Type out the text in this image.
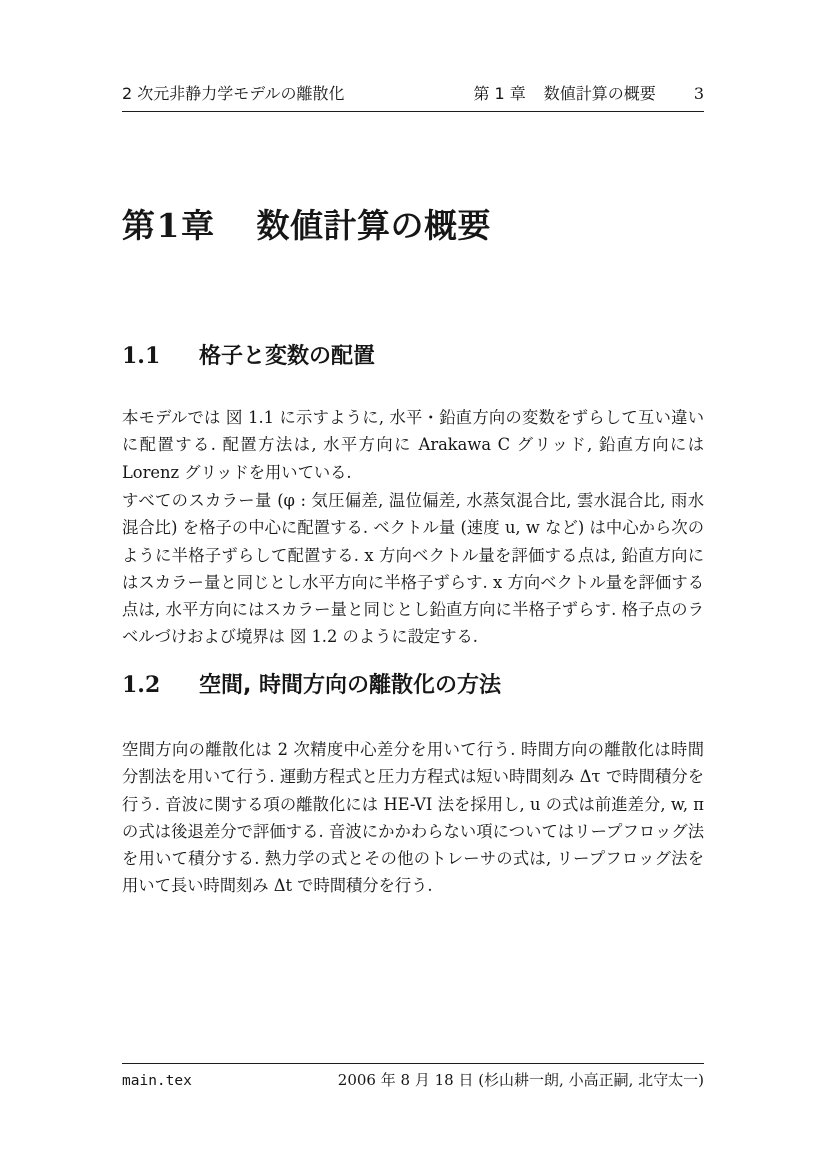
2 次元非静力学モデルの離散化	第 1 章 数値計算の概要 3
第1章 数値計算の概要
1.1 格子と変数の配置

本モデルでは 図 1.1 に示すように, 水平・鉛直方向の変数をずらして互い違いに配置する. 配置方法は, 水平方向に Arakawa C グリッド, 鉛直方向には Lorenz グリッドを用いている.

すべてのスカラー量 (φ : 気圧偏差, 温位偏差, 水蒸気混合比, 雲水混合比, 雨水混合比) を格子の中心に配置する. ベクトル量 (速度 u, w など) は中心から次のように半格子ずらして配置する. x 方向ベクトル量を評価する点は, 鉛直方向にはスカラー量と同じとし水平方向に半格子ずらす. x 方向ベクトル量を評価する点は, 水平方向にはスカラー量と同じとし鉛直方向に半格子ずらす. 格子点のラベルづけおよび境界は 図 1.2 のように設定する.

1.2 空間, 時間方向の離散化の方法

空間方向の離散化は 2 次精度中心差分を用いて行う. 時間方向の離散化は時間分割法を用いて行う. 運動方程式と圧力方程式は短い時間刻み Δτ で時間積分を行う. 音波に関する項の離散化には HE-VI 法を採用し, u の式は前進差分, w, π の式は後退差分で評価する. 音波にかかわらない項についてはリープフロッグ法を用いて積分する. 熱力学の式とその他のトレーサの式は, リープフロッグ法を用いて長い時間刻み Δt で時間積分を行う.

main.tex	2006 年 8 月 18 日 (杉山耕一朗, 小高正嗣, 北守太一)
